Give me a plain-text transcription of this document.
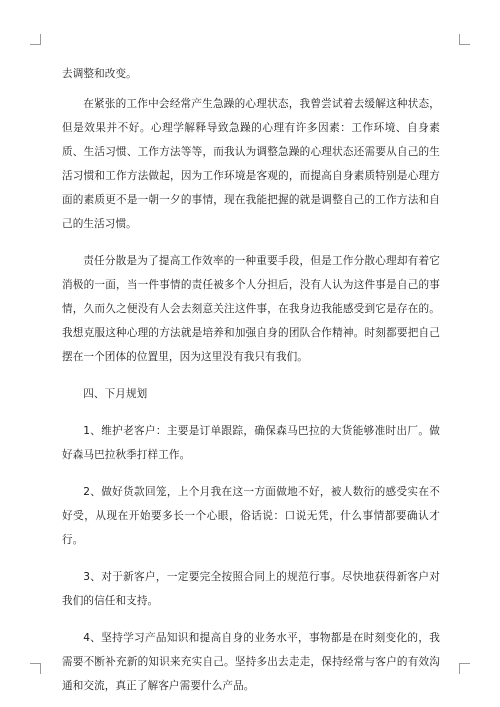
去调整和改变。

在紧张的工作中会经常产生急躁的心理状态，我曾尝试着去缓解这种状态，但是效果并不好。心理学解释导致急躁的心理有许多因素：工作环境、自身素质、生活习惯、工作方法等等，而我认为调整急躁的心理状态还需要从自己的生活习惯和工作方法做起，因为工作环境是客观的，而提高自身素质特别是心理方面的素质更不是一朝一夕的事情，现在我能把握的就是调整自己的工作方法和自己的生活习惯。

责任分散是为了提高工作效率的一种重要手段，但是工作分散心理却有着它消极的一面，当一件事情的责任被多个人分担后，没有人认为这件事是自己的事情，久而久之便没有人会去刻意关注这件事，在我身边我能感受到它是存在的。我想克服这种心理的方法就是培养和加强自身的团队合作精神。时刻都要把自己摆在一个团体的位置里，因为这里没有我只有我们。

四、下月规划

1、维护老客户：主要是订单跟踪，确保森马巴拉的大货能够准时出厂。做好森马巴拉秋季打样工作。

2、做好货款回笼，上个月我在这一方面做地不好，被人数衍的感受实在不好受，从现在开始要多长一个心眼，俗话说：口说无凭，什么事情都要确认才行。

3、对于新客户，一定要完全按照合同上的规范行事。尽快地获得新客户对我们的信任和支持。

4、坚持学习产品知识和提高自身的业务水平，事物都是在时刻变化的，我需要不断补充新的知识来充实自己。坚持多出去走走，保持经常与客户的有效沟通和交流，真正了解客户需要什么产品。
